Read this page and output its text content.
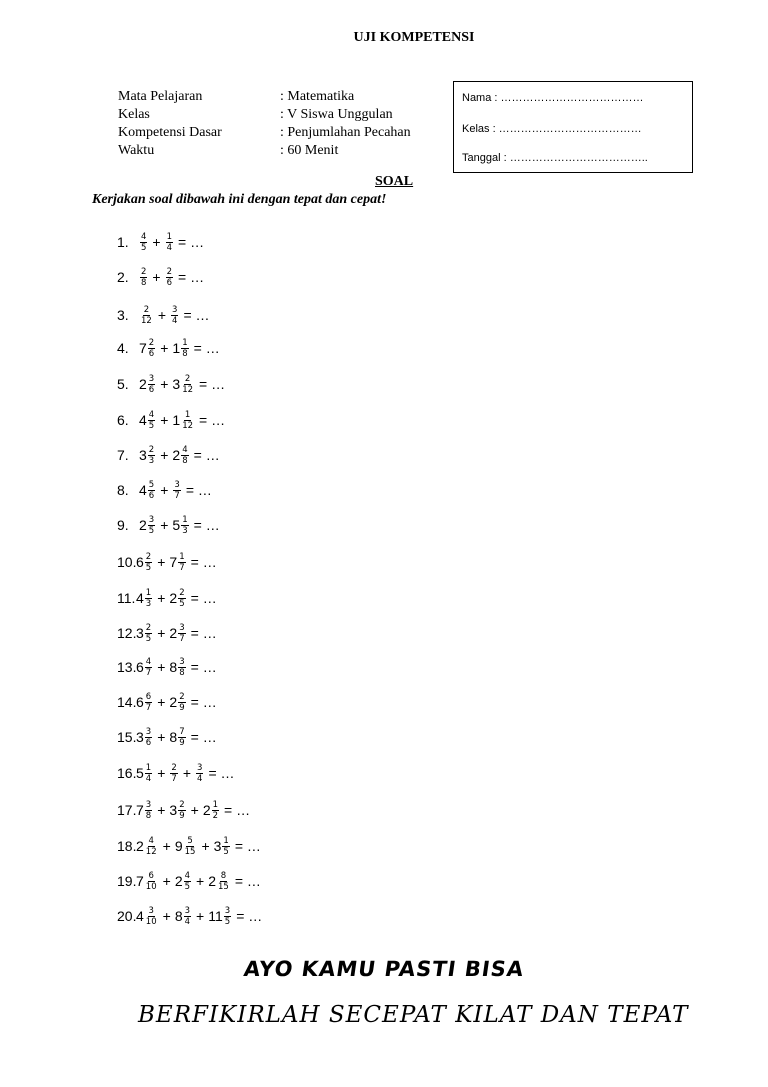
UJI KOMPETENSI
Mata Pelajaran	: Matematika
Kelas	: V Siswa Unggulan
Kompetensi Dasar	: Penjumlahan Pecahan
Waktu	: 60 Menit
Nama : …………………………………
Kelas : …………………………………
Tanggal : ………………………………..
SOAL
Kerjakan soal dibawah ini dengan tepat dan cepat!
1.	$\frac{4}{5} + \frac{1}{4}$ = …
2.	$\frac{2}{8} + \frac{2}{6}$ = …
3.	$\frac{2}{12} + \frac{3}{4}$ = …
4. $7 \frac{2}{6} + 1 \frac{1}{8}$ = …
5. $2 \frac{3}{6} + 3 \frac{2}{12}$ = …
6. $4 \frac{4}{5} + 1 \frac{1}{12}$ = …
7. $3 \frac{2}{3} + 2 \frac{4}{8}$ = …
8. $4 \frac{5}{6} + \frac{3}{7}$ = …
9. $2 \frac{3}{5} + 5 \frac{1}{3}$ = …
10. $6 \frac{2}{5} + 7 \frac{1}{7}$ = …
11. $4 \frac{1}{3} + 2 \frac{2}{5}$ = …
12. $3 \frac{2}{5} + 2 \frac{3}{7}$ = …
13. $6 \frac{4}{7} + 8 \frac{3}{8}$ = …
14. $6 \frac{6}{7} + 2 \frac{2}{9}$ = …
15. $3 \frac{3}{6} + 8 \frac{7}{9}$ = …
16. $5 \frac{1}{4} + \frac{2}{7} + \frac{3}{4}$ = …
17. $7 \frac{3}{8} + 3 \frac{2}{9} + 2 \frac{1}{2}$ = …
18. $2 \frac{4}{12} + 9 \frac{5}{15} + 3 \frac{1}{5}$ = …
19. $7 \frac{6}{10} + 2 \frac{4}{5} + 2 \frac{8}{15}$ = …
20. $4 \frac{3}{10} + 8 \frac{3}{4} + 11 \frac{3}{5}$ = …
AYO KAMU PASTI BISA
BERFIKIRLAH SECEPAT KILAT DAN TEPAT
